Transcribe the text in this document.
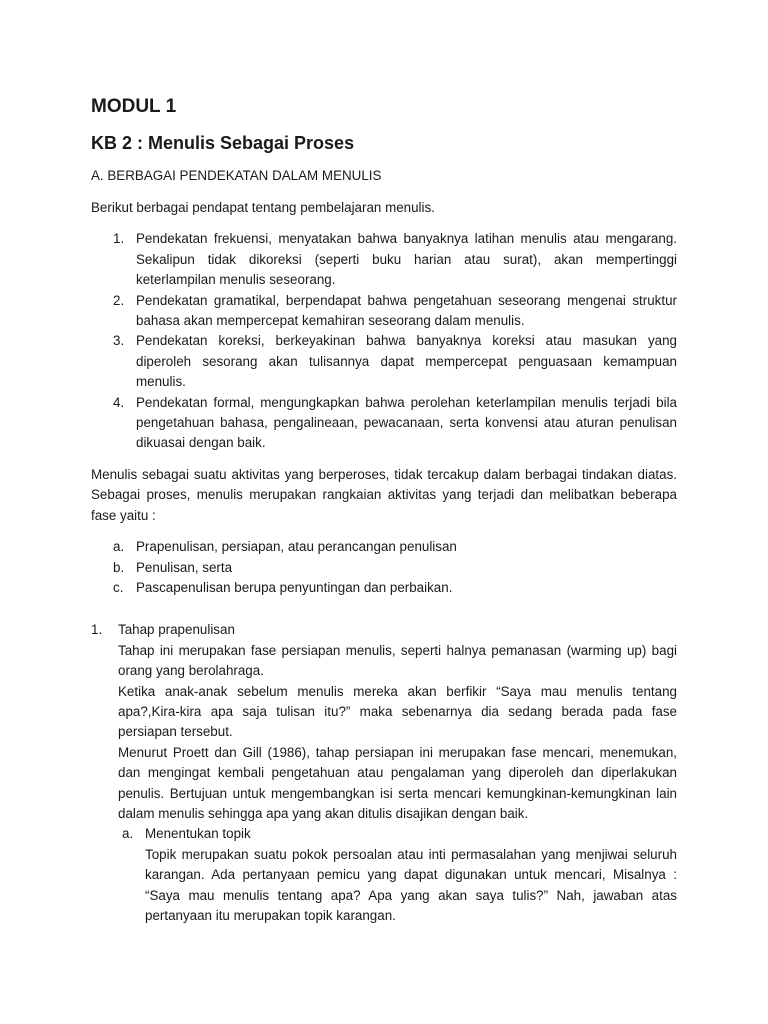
MODUL 1
KB 2 : Menulis Sebagai Proses
A. BERBAGAI PENDEKATAN DALAM MENULIS

Berikut berbagai pendapat tentang pembelajaran menulis.

1. Pendekatan frekuensi, menyatakan bahwa banyaknya latihan menulis atau mengarang. Sekalipun tidak dikoreksi (seperti buku harian atau surat), akan mempertinggi keterlampilan menulis seseorang.
2. Pendekatan gramatikal, berpendapat bahwa pengetahuan seseorang mengenai struktur bahasa akan mempercepat kemahiran seseorang dalam menulis.
3. Pendekatan koreksi, berkeyakinan bahwa banyaknya koreksi atau masukan yang diperoleh sesorang akan tulisannya dapat mempercepat penguasaan kemampuan menulis.
4. Pendekatan formal, mengungkapkan bahwa perolehan keterlampilan menulis terjadi bila pengetahuan bahasa, pengalineaan, pewacanaan, serta konvensi atau aturan penulisan dikuasai dengan baik.

Menulis sebagai suatu aktivitas yang berperoses, tidak tercakup dalam berbagai tindakan diatas. Sebagai proses, menulis merupakan rangkaian aktivitas yang terjadi dan melibatkan beberapa fase yaitu :

a. Prapenulisan, persiapan, atau perancangan penulisan
b. Penulisan, serta
c. Pascapenulisan berupa penyuntingan dan perbaikan.
1. Tahap prapenulisan

Tahap ini merupakan fase persiapan menulis, seperti halnya pemanasan (warming up) bagi orang yang berolahraga.

Ketika anak-anak sebelum menulis mereka akan berfikir “Saya mau menulis tentang apa?,Kira-kira apa saja tulisan itu?” maka sebenarnya dia sedang berada pada fase persiapan tersebut.

Menurut Proett dan Gill (1986), tahap persiapan ini merupakan fase mencari, menemukan, dan mengingat kembali pengetahuan atau pengalaman yang diperoleh dan diperlakukan penulis. Bertujuan untuk mengembangkan isi serta mencari kemungkinan-kemungkinan lain dalam menulis sehingga apa yang akan ditulis disajikan dengan baik.

a. Menentukan topik

Topik merupakan suatu pokok persoalan atau inti permasalahan yang menjiwai seluruh karangan. Ada pertanyaan pemicu yang dapat digunakan untuk mencari, Misalnya : “Saya mau menulis tentang apa? Apa yang akan saya tulis?” Nah, jawaban atas pertanyaan itu merupakan topik karangan.
